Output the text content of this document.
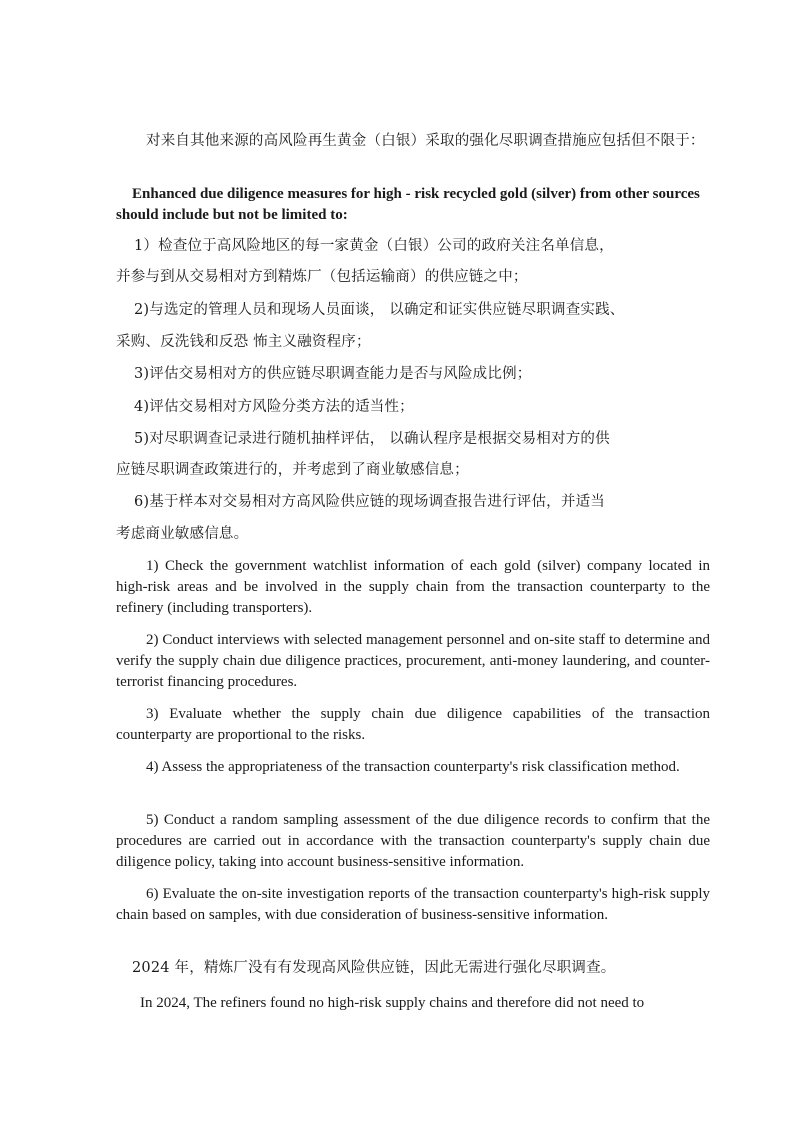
对来自其他来源的高风险再生黄金（白银）采取的强化尽职调查措施应包括但不限于：

Enhanced due diligence measures for high - risk recycled gold (silver) from other sources should include but not be limited to:

1）检查位于高风险地区的每一家黄金（白银）公司的政府关注名单信息，

并参与到从交易相对方到精炼厂（包括运输商）的供应链之中；

2)与选定的管理人员和现场人员面谈， 以确定和证实供应链尽职调查实践、

采购、反洗钱和反恐 怖主义融资程序；

3)评估交易相对方的供应链尽职调查能力是否与风险成比例；

4)评估交易相对方风险分类方法的适当性；

5)对尽职调查记录进行随机抽样评估， 以确认程序是根据交易相对方的供

应链尽职调查政策进行的，并考虑到了商业敏感信息；

6)基于样本对交易相对方高风险供应链的现场调查报告进行评估，并适当

考虑商业敏感信息。

1) Check the government watchlist information of each gold (silver) company located in high-risk areas and be involved in the supply chain from the transaction counterparty to the refinery (including transporters).

2) Conduct interviews with selected management personnel and on-site staff to determine and verify the supply chain due diligence practices, procurement, anti-money laundering, and counter-terrorist financing procedures.

3) Evaluate whether the supply chain due diligence capabilities of the transaction counterparty are proportional to the risks.

4) Assess the appropriateness of the transaction counterparty's risk classification method.

5) Conduct a random sampling assessment of the due diligence records to confirm that the procedures are carried out in accordance with the transaction counterparty's supply chain due diligence policy, taking into account business-sensitive information.

6) Evaluate the on-site investigation reports of the transaction counterparty's high-risk supply chain based on samples, with due consideration of business-sensitive information.

2024 年，精炼厂没有有发现高风险供应链，因此无需进行强化尽职调查。

In 2024, The refiners found no high-risk supply chains and therefore did not need to
